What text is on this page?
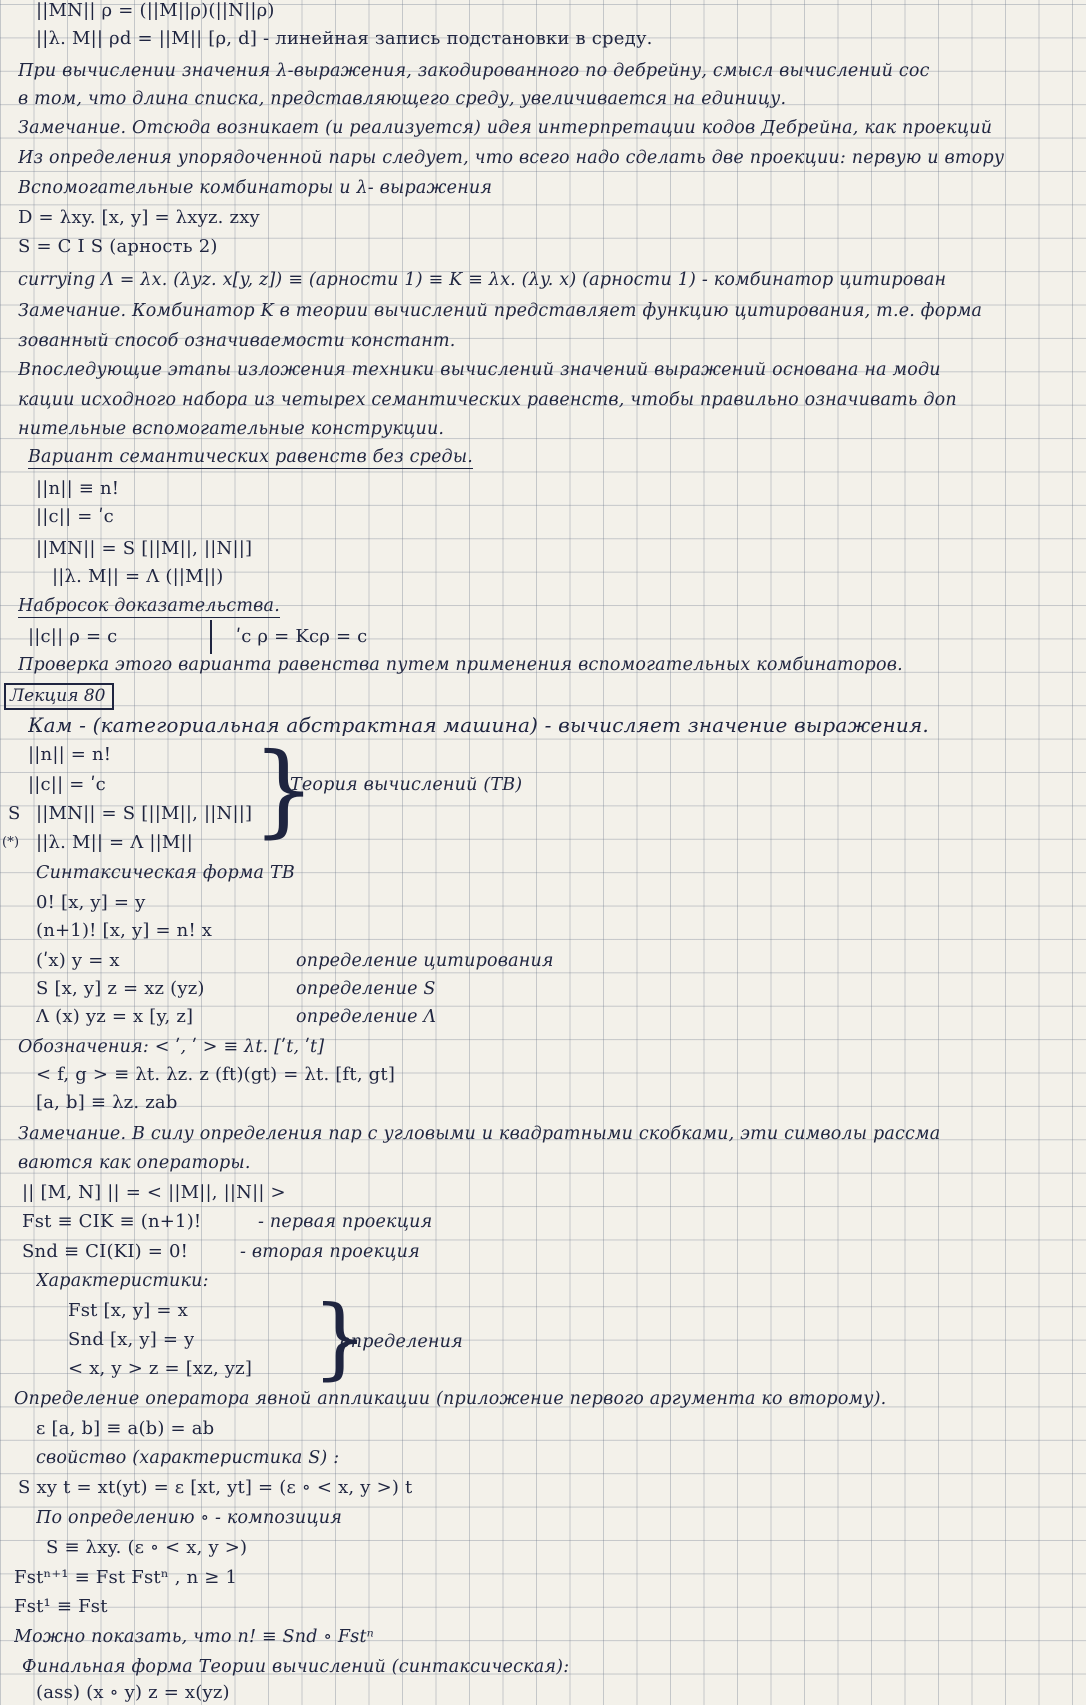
||MN|| ρ = (||M||ρ)(||N||ρ)
||λ. M|| ρd = ||M|| [ρ, d] - линейная запись подстановки в среду.
При вычислении значения λ-выражения, закодированного по дебрейну, смысл вычислений сос
в том, что длина списка, представляющего среду, увеличивается на единицу.
Замечание. Отсюда возникает (и реализуется) идея интерпретации кодов Дебрейна, как проекций
Из определения упорядоченной пары следует, что всего надо сделать две проекции: первую и втору
Вспомогательные комбинаторы и λ- выражения
D = λxy. [x, y] = λxyz. zxy
S = C I S (арность 2)
currying Λ = λx. (λyz. x[y, z]) ≡ (арности 1) ≡ K ≡ λx. (λy. x) (арности 1) - комбинатор цитирован
Замечание. Комбинатор K в теории вычислений представляет функцию цитирования, т.е. форма
зованный способ означиваемости констант.
Впоследующие этапы изложения техники вычислений значений выражений основана на моди
кации исходного набора из четырех семантических равенств, чтобы правильно означивать доп
нительные вспомогательные конструкции.
Вариант семантических равенств без среды.
||n|| ≡ n!
||c|| = ʹc
||MN|| = S [||M||, ||N||]
||λ. M|| = Λ (||M||)
Набросок доказательства.
||c|| ρ = c	ʹc ρ = Kcρ = c
Проверка этого варианта равенства путем применения вспомогательных комбинаторов.
Лекция 80
Кам - (категориальная абстрактная машина) - вычисляет значение выражения.
||n|| = n!
||c|| = ʹc
S ||MN|| = S [||M||, ||N||]
(*) ||λ. M|| = Λ ||M|| }
Теория вычислений (ТВ)
Синтаксическая форма ТВ
0! [x, y] = y
(n+1)! [x, y] = n! x
(ʹx) y = x	определение цитирования
S [x, y] z = xz (yz)	определение S
Λ (x) yz = x [y, z]	определение Λ
Обозначения: < ʹ, ʹ > ≡ λt. [ʹt, ʹt]
< f, g > ≡ λt. λz. z (ft)(gt) = λt. [ft, gt]
[a, b] ≡ λz. zab
Замечание. В силу определения пар с угловыми и квадратными скобками, эти символы рассма
ваются как операторы.
|| [M, N] || = < ||M||, ||N|| >
Fst ≡ CIK ≡ (n+1)!	- первая проекция
Snd ≡ CI(KI) = 0!	- вторая проекция
Характеристики:
Fst [x, y] = x
Snd [x, y] = y
< x, y > z = [xz, yz] }
определения
Определение оператора явной аппликации (приложение первого аргумента ко второму).
ε [a, b] ≡ a(b) = ab
свойство (характеристика S) :
S xy t = xt(yt) = ε [xt, yt] = (ε ∘ < x, y >) t
По определению ∘ - композиция
S ≡ λxy. (ε ∘ < x, y >)
Fstⁿ⁺¹ ≡ Fst Fstⁿ , n ≥ 1
Fst¹ ≡ Fst
Можно показать, что n! ≡ Snd ∘ Fstⁿ
Финальная форма Теории вычислений (синтаксическая):
(ass) (x ∘ y) z = x(yz)
